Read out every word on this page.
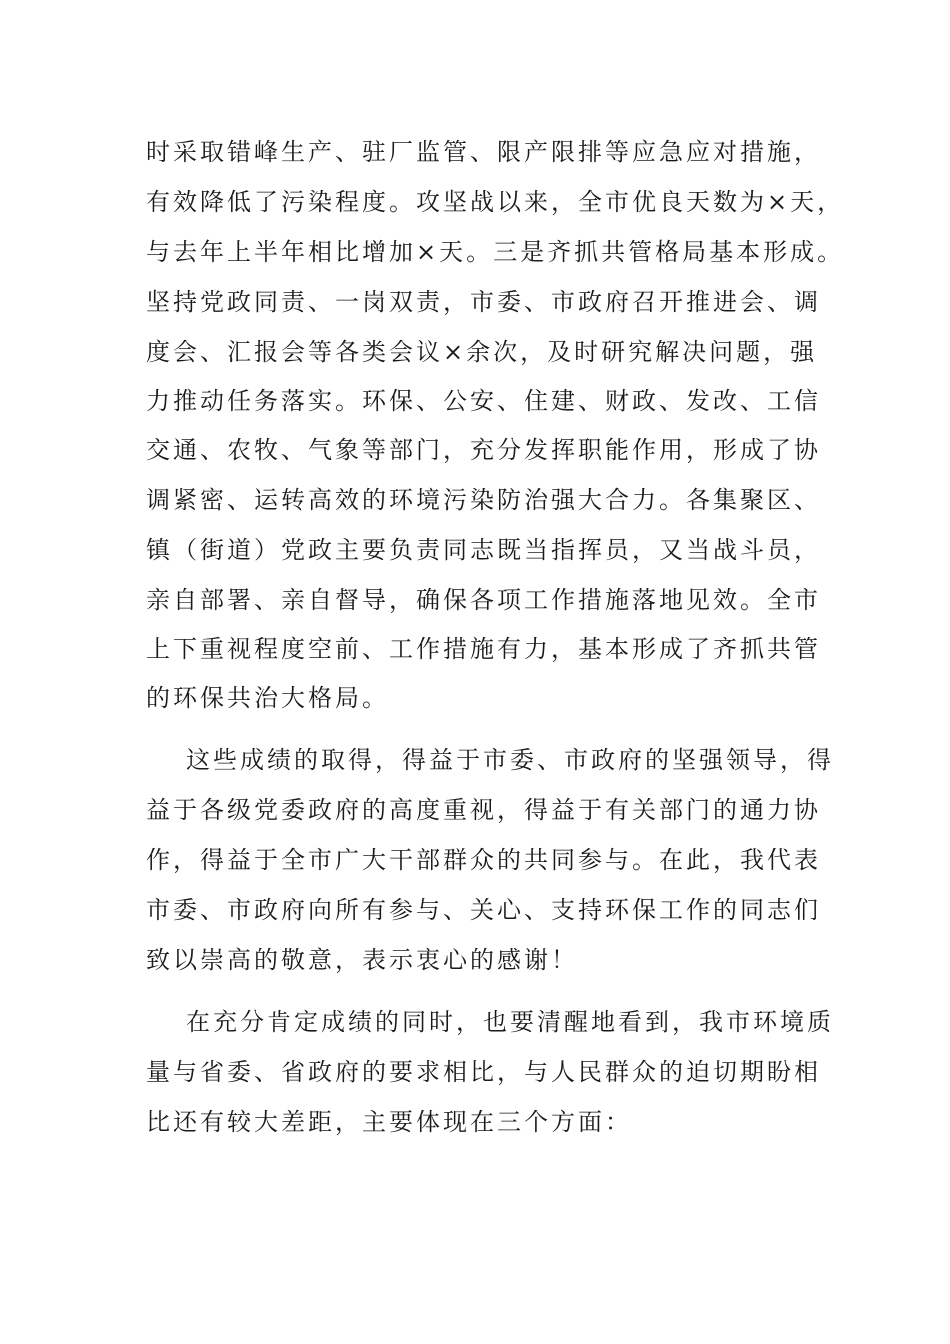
时采取错峰生产、驻厂监管、限产限排等应急应对措施，
有效降低了污染程度。攻坚战以来，全市优良天数为×天，
与去年上半年相比增加×天。三是齐抓共管格局基本形成。
坚持党政同责、一岗双责，市委、市政府召开推进会、调
度会、汇报会等各类会议×余次，及时研究解决问题，强
力推动任务落实。环保、公安、住建、财政、发改、工信
交通、农牧、气象等部门，充分发挥职能作用，形成了协
调紧密、运转高效的环境污染防治强大合力。各集聚区、
镇（街道）党政主要负责同志既当指挥员，又当战斗员，
亲自部署、亲自督导，确保各项工作措施落地见效。全市
上下重视程度空前、工作措施有力，基本形成了齐抓共管
的环保共治大格局。
这些成绩的取得，得益于市委、市政府的坚强领导，得
益于各级党委政府的高度重视，得益于有关部门的通力协
作，得益于全市广大干部群众的共同参与。在此，我代表
市委、市政府向所有参与、关心、支持环保工作的同志们
致以崇高的敬意，表示衷心的感谢！
在充分肯定成绩的同时，也要清醒地看到，我市环境质
量与省委、省政府的要求相比，与人民群众的迫切期盼相
比还有较大差距，主要体现在三个方面：
